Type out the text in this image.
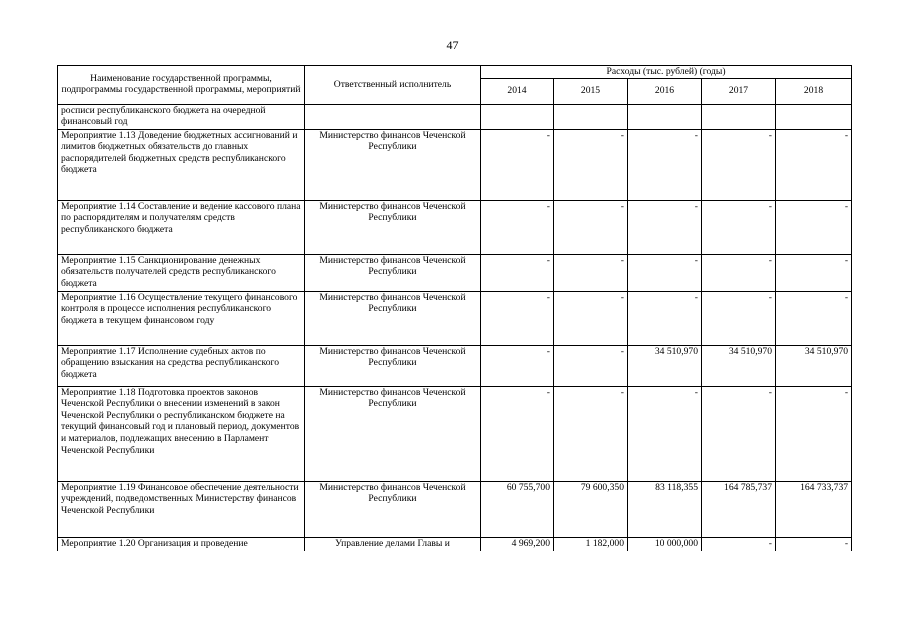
47
Наименование государственной программы, подпрограммы государственной программы, мероприятий	Ответственный исполнитель	Расходы (тыс. рублей) (годы)				
		2014	2015	2016	2017	2018
росписи республиканского бюджета на очередной финансовый год						
Мероприятие 1.13 Доведение бюджетных ассигнований и лимитов бюджетных обязательств до главных распорядителей бюджетных средств республиканского бюджета	Министерство финансов Чеченской Республики	-	-	-	-	-
Мероприятие 1.14 Составление и ведение кассового плана по распорядителям и получателям средств республиканского бюджета	Министерство финансов Чеченской Республики	-	-	-	-	-
Мероприятие 1.15 Санкционирование денежных обязательств получателей средств республиканского бюджета	Министерство финансов Чеченской Республики	-	-	-	-	-
Мероприятие 1.16 Осуществление текущего финансового контроля в процессе исполнения республиканского бюджета в текущем финансовом году	Министерство финансов Чеченской Республики	-	-	-	-	-
Мероприятие 1.17 Исполнение судебных актов по обращению взыскания на средства республиканского бюджета	Министерство финансов Чеченской Республики	-	-	34 510,970	34 510,970	34 510,970
Мероприятие 1.18 Подготовка проектов законов Чеченской Республики о внесении изменений в закон Чеченской Республики о республиканском бюджете на текущий финансовый год и плановый период, документов и материалов, подлежащих внесению в Парламент Чеченской Республики	Министерство финансов Чеченской Республики	-	-	-	-	-
Мероприятие 1.19 Финансовое обеспечение деятельности учреждений, подведомственных Министерству финансов Чеченской Республики	Министерство финансов Чеченской Республики	60 755,700	79 600,350	83 118,355	164 785,737	164 733,737
Мероприятие 1.20 Организация и проведение	Управление делами Главы и	4 969,200	1 182,000	10 000,000	-	-
